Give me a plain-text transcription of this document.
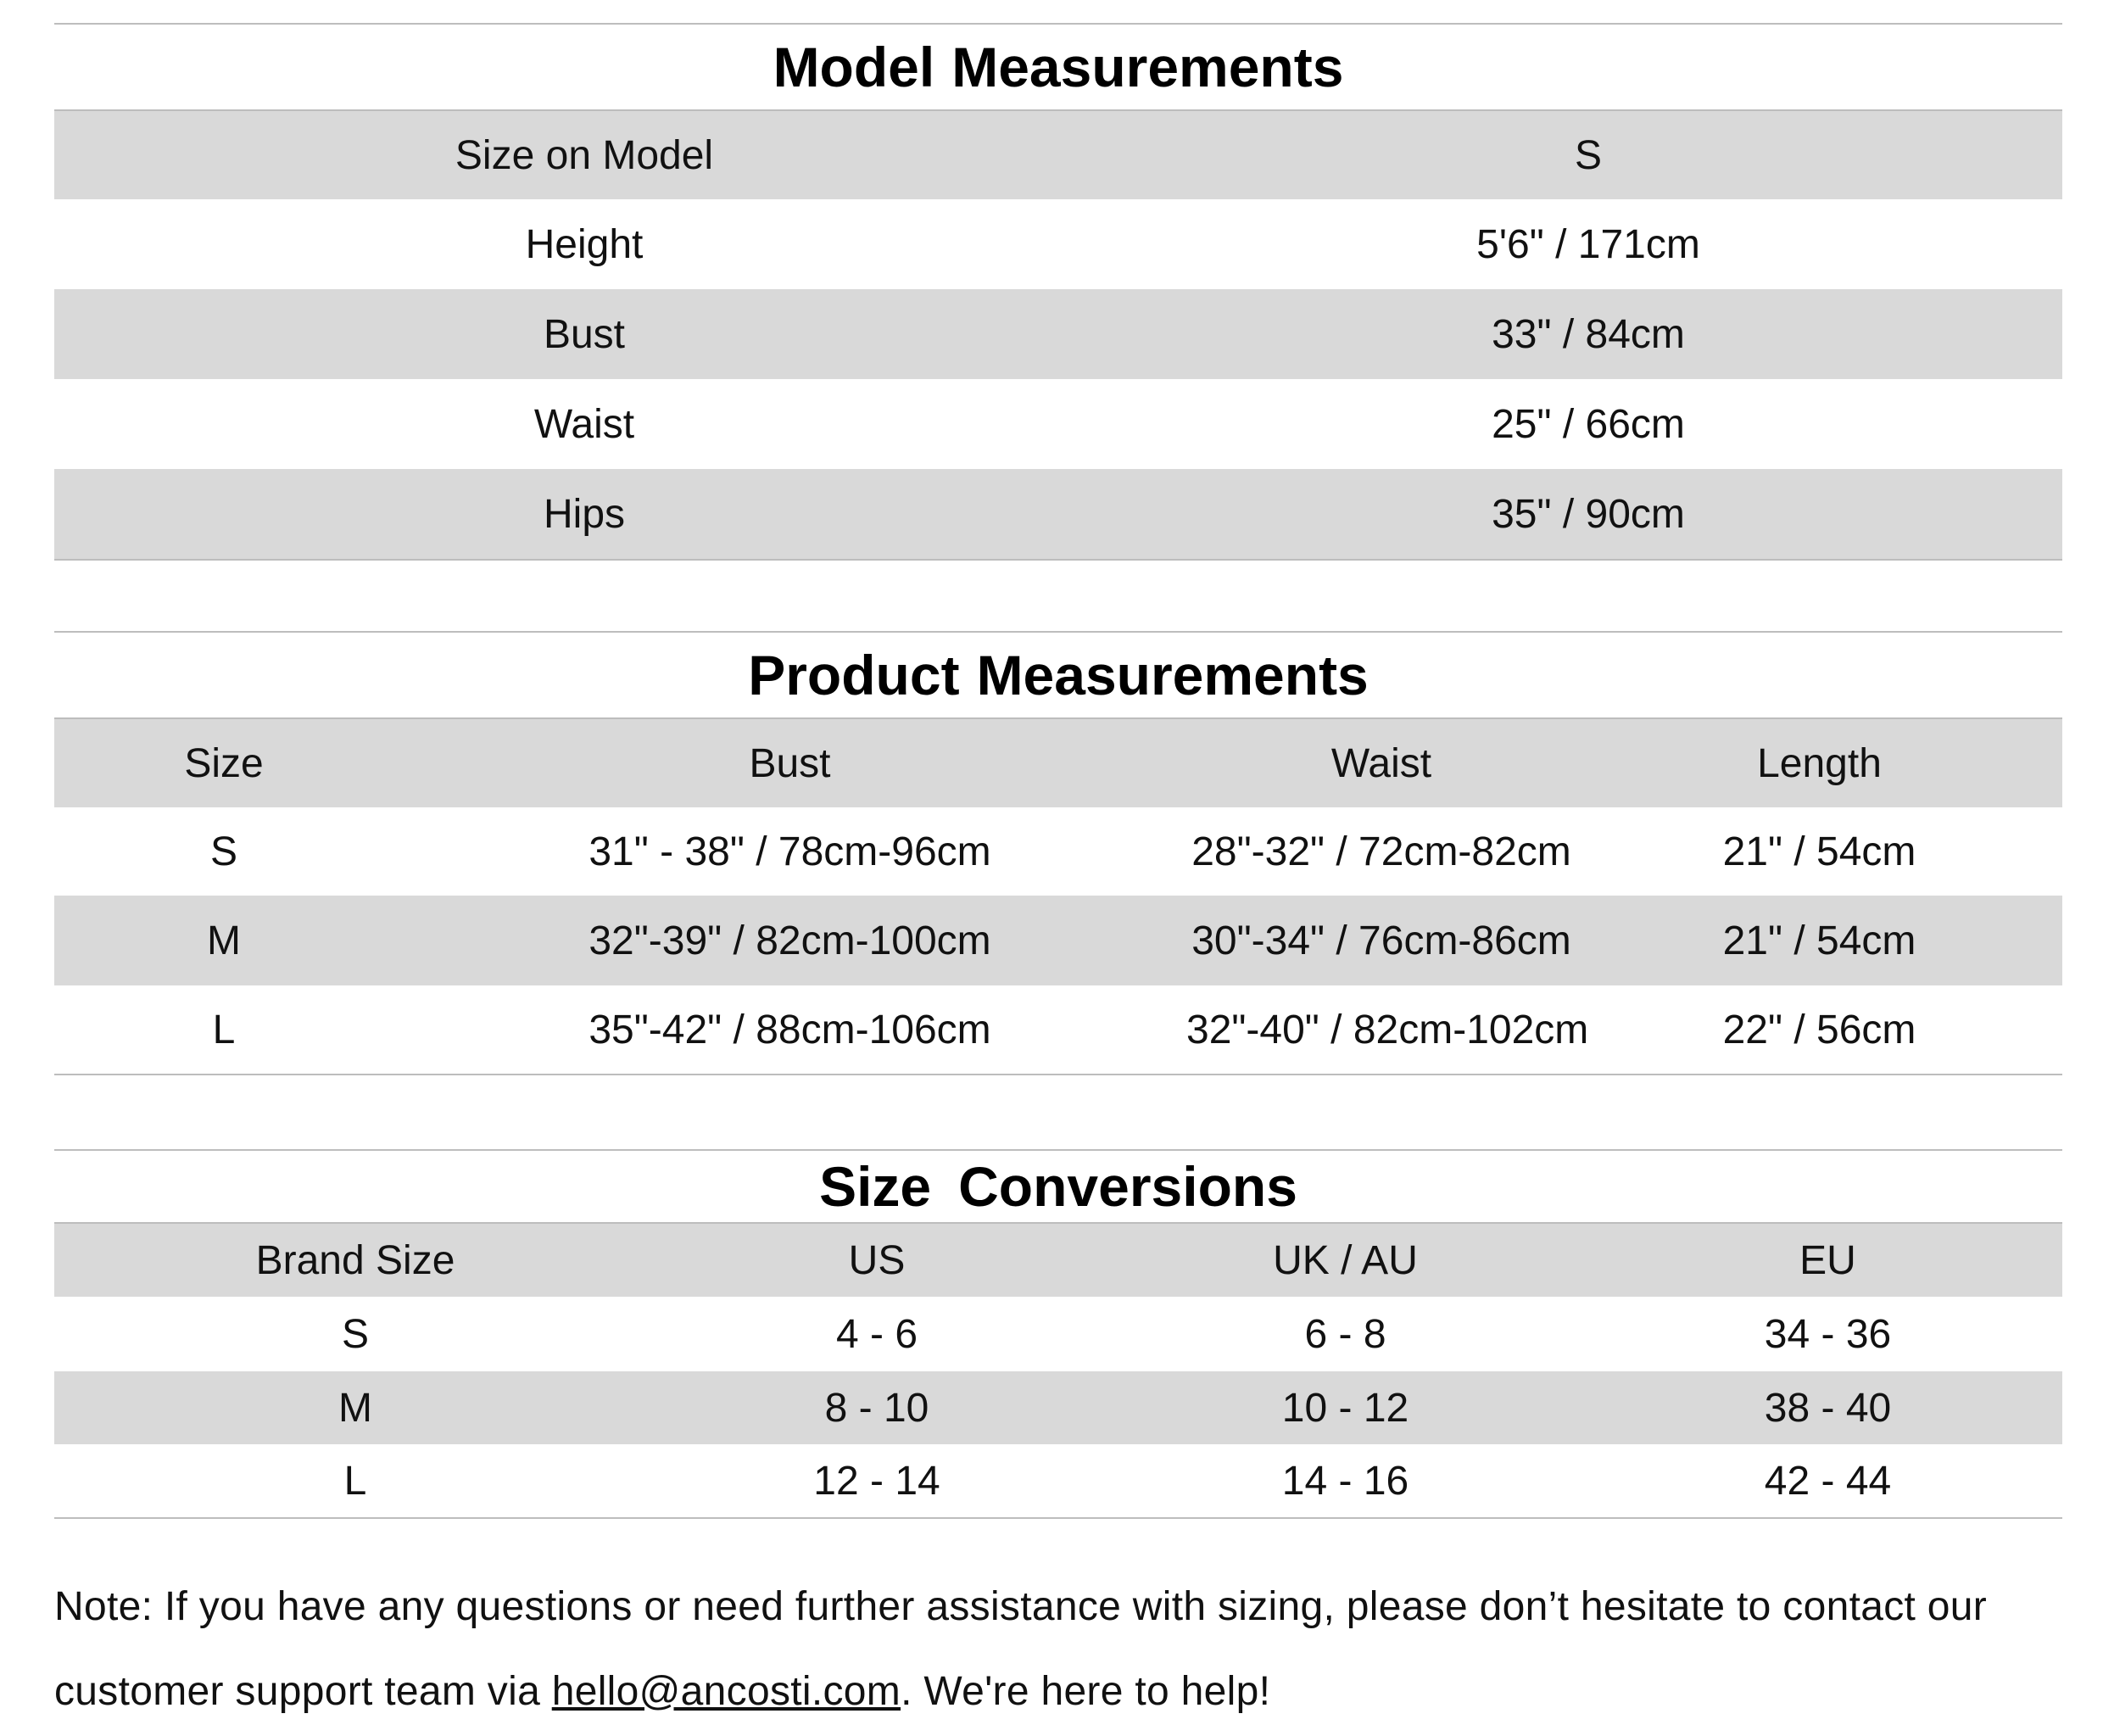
Model Measurements
Size on Model	S
Height	5'6" / 171cm
Bust	33" / 84cm
Waist	25" / 66cm
Hips	35" / 90cm
Product Measurements
Size	Bust	Waist	Length
S	31" - 38" / 78cm-96cm	28"-32" / 72cm-82cm	21" / 54cm
M	32"-39" / 82cm-100cm	30"-34" / 76cm-86cm	21" / 54cm
L	35"-42" / 88cm-106cm	32"-40" / 82cm-102cm	22" / 56cm
Size Conversions
Brand Size	US	UK / AU	EU
S	4 - 6	6 - 8	34 - 36
M	8 - 10	10 - 12	38 - 40
L	12 - 14	14 - 16	42 - 44
Note: If you have any questions or need further assistance with sizing, please don’t hesitate to contact our customer support team via hello@ancosti.com. We're here to help!
